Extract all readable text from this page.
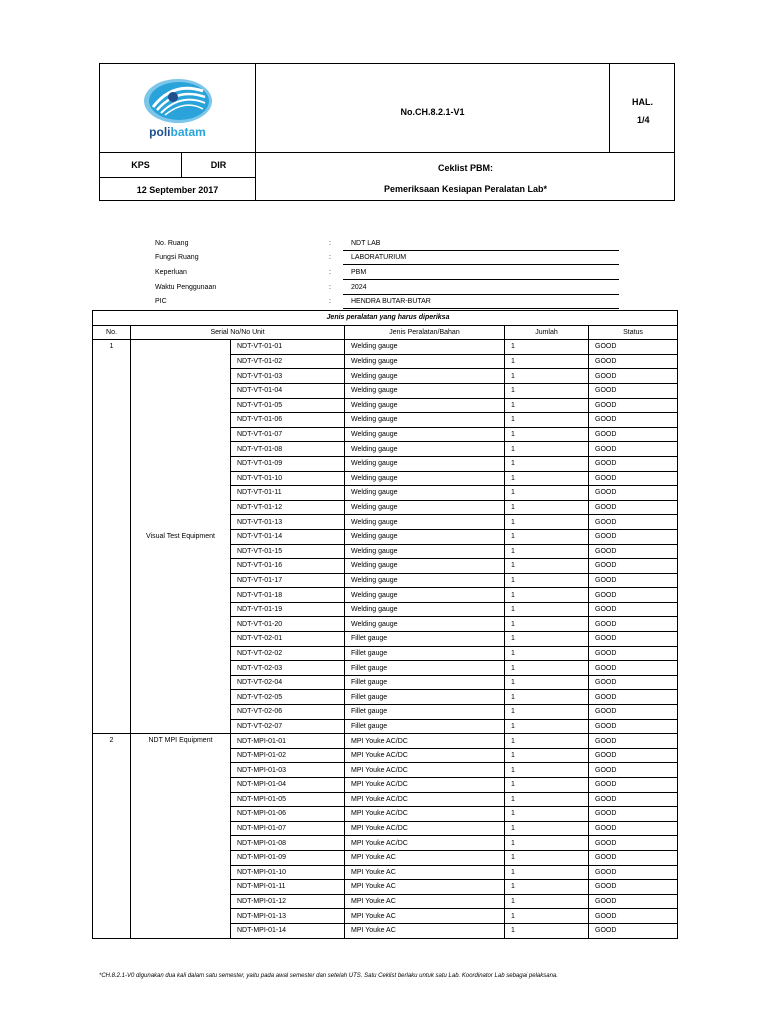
polibatam
No.CH.8.2.1-V1
HAL.
1/4
KPS	DIR
12 September 2017
Ceklist PBM:
Pemeriksaan Kesiapan Peralatan Lab*
No. Ruang	:	NDT LAB
Fungsi Ruang	:	LABORATURIUM
Keperluan	:	PBM
Waktu Penggunaan	:	2024
PIC	:	HENDRA BUTAR-BUTAR
Jenis peralatan yang harus diperiksa					
No.	Serial No/No Unit		Jenis Peralatan/Bahan	Jumlah	Status
1	Visual Test Equipment	NDT-VT-01-01	Welding gauge	1	GOOD
		NDT-VT-01-02	Welding gauge	1	GOOD
		NDT-VT-01-03	Welding gauge	1	GOOD
		NDT-VT-01-04	Welding gauge	1	GOOD
		NDT-VT-01-05	Welding gauge	1	GOOD
		NDT-VT-01-06	Welding gauge	1	GOOD
		NDT-VT-01-07	Welding gauge	1	GOOD
		NDT-VT-01-08	Welding gauge	1	GOOD
		NDT-VT-01-09	Welding gauge	1	GOOD
		NDT-VT-01-10	Welding gauge	1	GOOD
		NDT-VT-01-11	Welding gauge	1	GOOD
		NDT-VT-01-12	Welding gauge	1	GOOD
		NDT-VT-01-13	Welding gauge	1	GOOD
		NDT-VT-01-14	Welding gauge	1	GOOD
		NDT-VT-01-15	Welding gauge	1	GOOD
		NDT-VT-01-16	Welding gauge	1	GOOD
		NDT-VT-01-17	Welding gauge	1	GOOD
		NDT-VT-01-18	Welding gauge	1	GOOD
		NDT-VT-01-19	Welding gauge	1	GOOD
		NDT-VT-01-20	Welding gauge	1	GOOD
		NDT-VT-02-01	Fillet gauge	1	GOOD
		NDT-VT-02-02	Fillet gauge	1	GOOD
		NDT-VT-02-03	Fillet gauge	1	GOOD
		NDT-VT-02-04	Fillet gauge	1	GOOD
		NDT-VT-02-05	Fillet gauge	1	GOOD
		NDT-VT-02-06	Fillet gauge	1	GOOD
		NDT-VT-02-07	Fillet gauge	1	GOOD
2	NDT MPI Equipment	NDT-MPI-01-01	MPI Youke AC/DC	1	GOOD
		NDT-MPI-01-02	MPI Youke AC/DC	1	GOOD
		NDT-MPI-01-03	MPI Youke AC/DC	1	GOOD
		NDT-MPI-01-04	MPI Youke AC/DC	1	GOOD
		NDT-MPI-01-05	MPI Youke AC/DC	1	GOOD
		NDT-MPI-01-06	MPI Youke AC/DC	1	GOOD
		NDT-MPI-01-07	MPI Youke AC/DC	1	GOOD
		NDT-MPI-01-08	MPI Youke AC/DC	1	GOOD
		NDT-MPI-01-09	MPI Youke AC	1	GOOD
		NDT-MPI-01-10	MPI Youke AC	1	GOOD
		NDT-MPI-01-11	MPI Youke AC	1	GOOD
		NDT-MPI-01-12	MPI Youke AC	1	GOOD
		NDT-MPI-01-13	MPI Youke AC	1	GOOD
		NDT-MPI-01-14	MPI Youke AC	1	GOOD
*CH.8.2.1-V0 digunakan dua kali dalam satu semester, yaitu pada awal semester dan setelah UTS. Satu Ceklist berlaku untuk satu Lab. Koordinator Lab sebagai pelaksana.
